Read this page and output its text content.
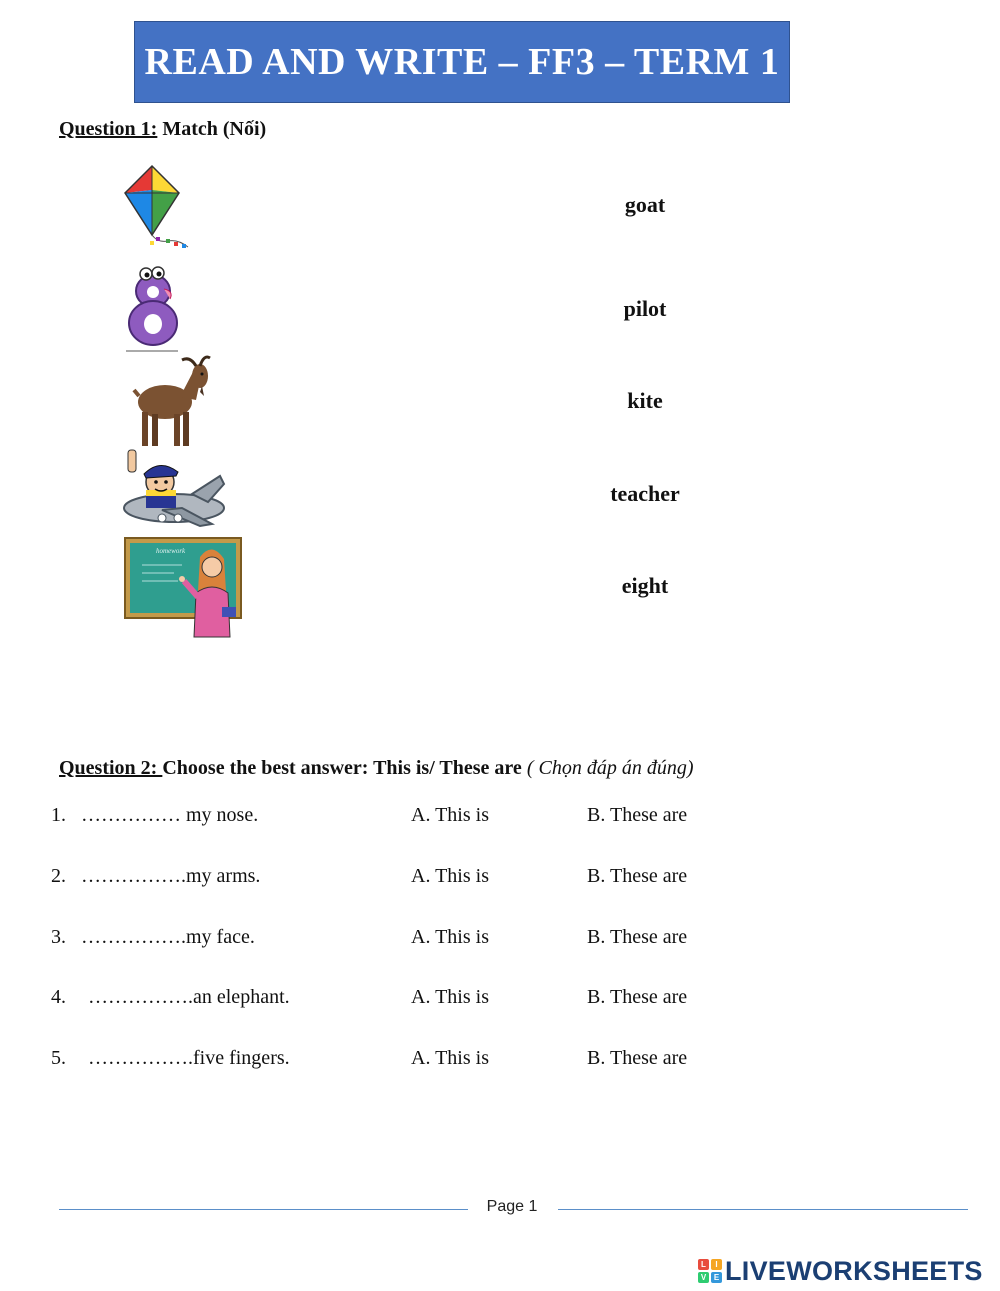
READ AND WRITE – FF3 – TERM 1
Question 1: Match (Nối)
homework
goat
pilot
kite
teacher
eight
Question 2: Choose the best answer: This is/ These are ( Chọn đáp án đúng)
1. …………… my nose.	A. This is	B. These are
2. …………….my arms.	A. This is	B. These are
3. …………….my face.	A. This is	B. These are
4. …………….an elephant.	A. This is	B. These are
5. …………….five fingers.	A. This is	B. These are
Page 1
L	I
V E LIVEWORKSHEETS
